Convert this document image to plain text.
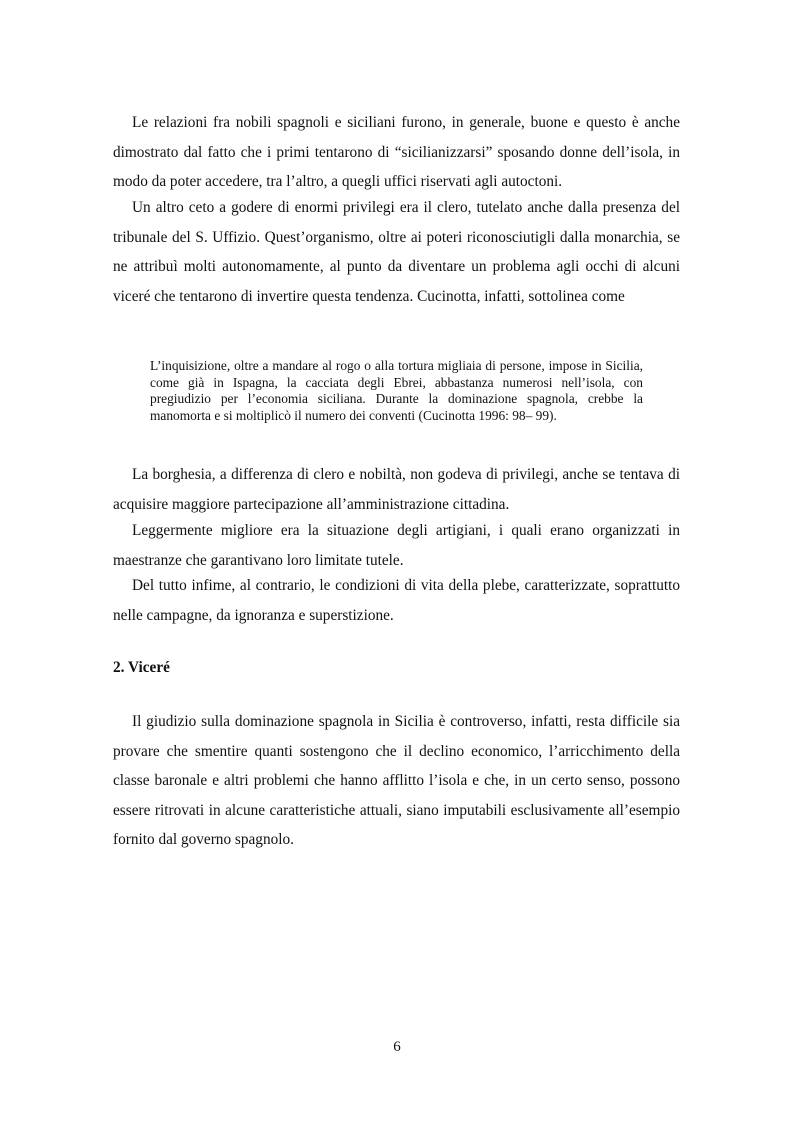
Le relazioni fra nobili spagnoli e siciliani furono, in generale, buone e questo è anche dimostrato dal fatto che i primi tentarono di “sicilianizzarsi” sposando donne dell’isola, in modo da poter accedere, tra l’altro, a quegli uffici riservati agli autoctoni.

Un altro ceto a godere di enormi privilegi era il clero, tutelato anche dalla presenza del tribunale del S. Uffizio. Quest’organismo, oltre ai poteri riconosciutigli dalla monarchia, se ne attribuì molti autonomamente, al punto da diventare un problema agli occhi di alcuni viceré che tentarono di invertire questa tendenza. Cucinotta, infatti, sottolinea come

L’inquisizione, oltre a mandare al rogo o alla tortura migliaia di persone, impose in Sicilia, come già in Ispagna, la cacciata degli Ebrei, abbastanza numerosi nell’isola, con pregiudizio per l’economia siciliana. Durante la dominazione spagnola, crebbe la manomorta e si moltiplicò il numero dei conventi (Cucinotta 1996: 98– 99).

La borghesia, a differenza di clero e nobiltà, non godeva di privilegi, anche se tentava di acquisire maggiore partecipazione all’amministrazione cittadina.

Leggermente migliore era la situazione degli artigiani, i quali erano organizzati in maestranze che garantivano loro limitate tutele.

Del tutto infime, al contrario, le condizioni di vita della plebe, caratterizzate, soprattutto nelle campagne, da ignoranza e superstizione.

2. Viceré

Il giudizio sulla dominazione spagnola in Sicilia è controverso, infatti, resta difficile sia provare che smentire quanti sostengono che il declino economico, l’arricchimento della classe baronale e altri problemi che hanno afflitto l’isola e che, in un certo senso, possono essere ritrovati in alcune caratteristiche attuali, siano imputabili esclusivamente all’esempio fornito dal governo spagnolo.

6
